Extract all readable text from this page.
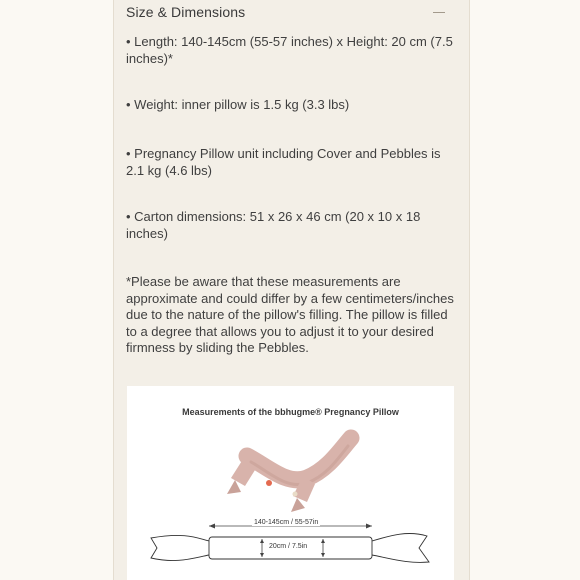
Size & Dimensions

• Length: 140-145cm (55-57 inches) x Height: 20 cm (7.5 inches)*

• Weight: inner pillow is 1.5 kg (3.3 lbs)

• Pregnancy Pillow unit including Cover and Pebbles is 2.1 kg (4.6 lbs)

• Carton dimensions: 51 x 26 x 46 cm (20 x 10 x 18 inches)

*Please be aware that these measurements are approximate and could differ by a few centimeters/inches due to the nature of the pillow's filling. The pillow is filled to a degree that allows you to adjust it to your desired firmness by sliding the Pebbles.

Measurements of the bbhugme® Pregnancy Pillow
140-145cm / 55-57in
20cm / 7.5in
